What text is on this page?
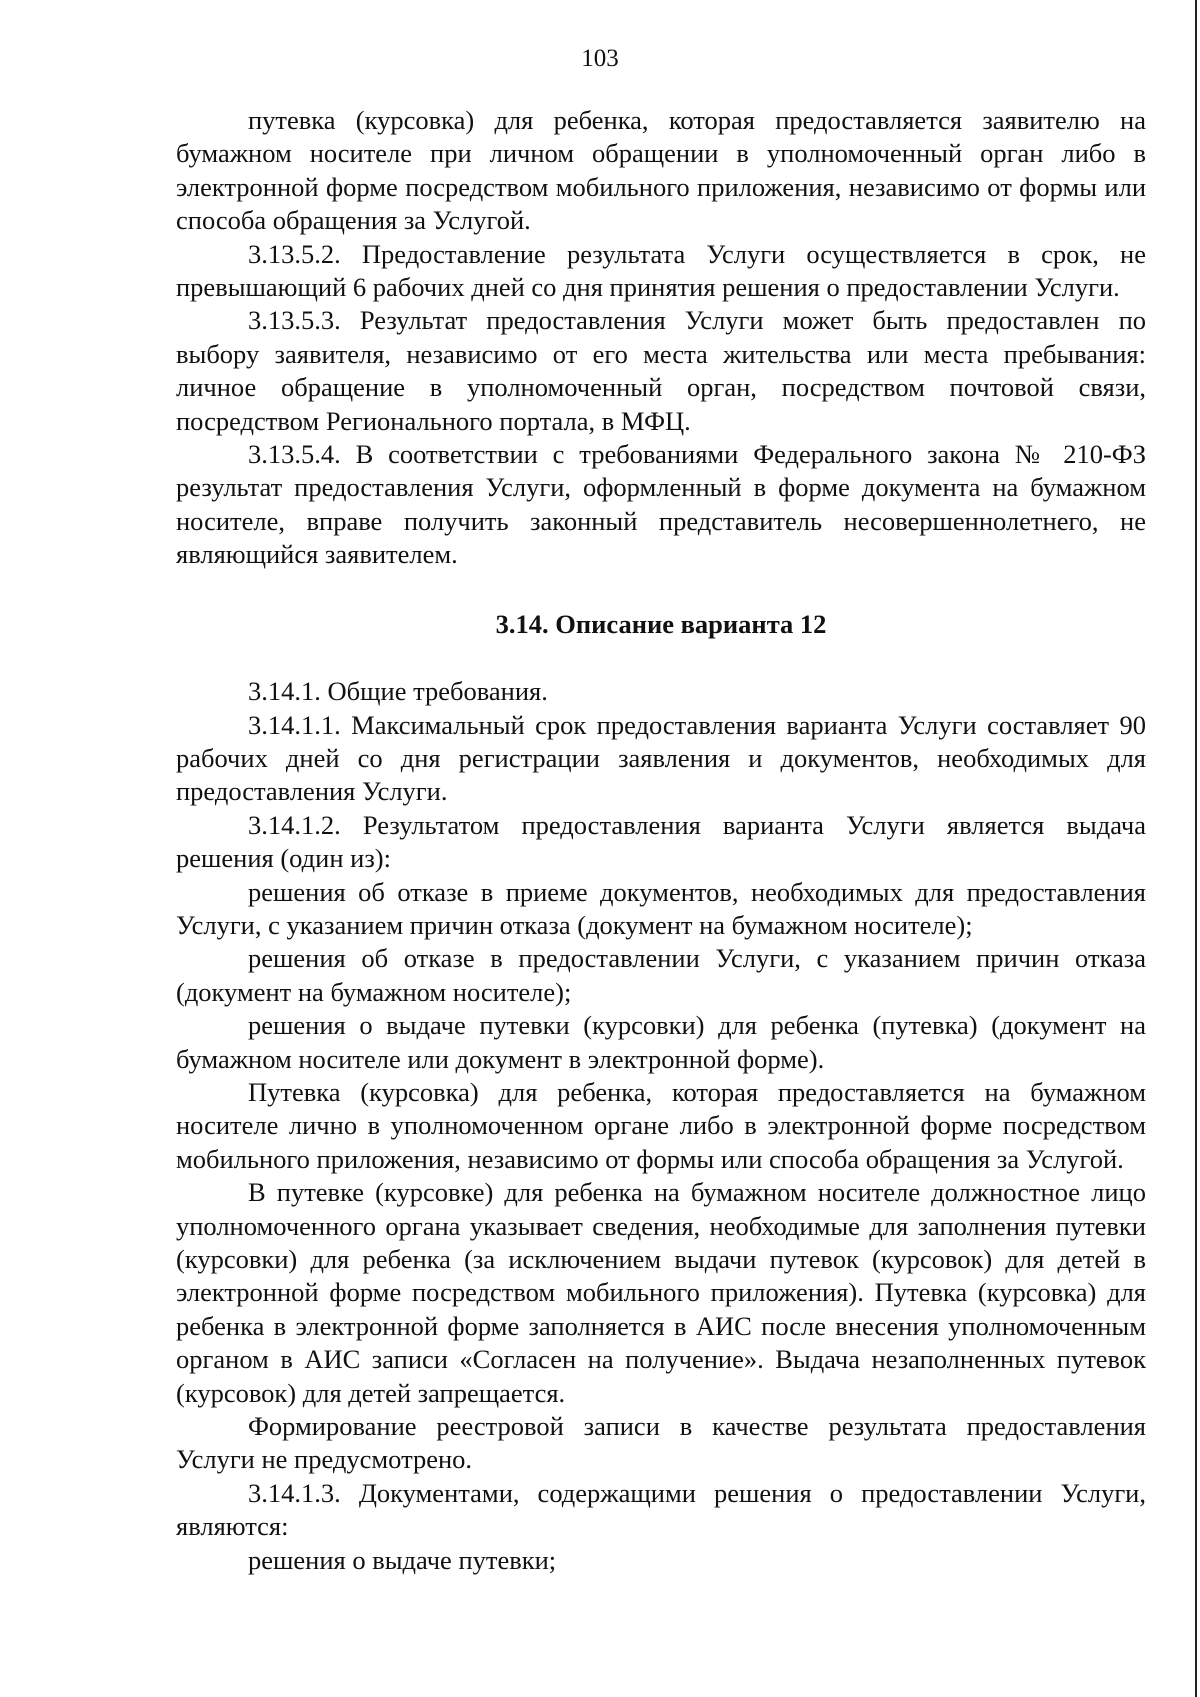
103

путевка (курсовка) для ребенка, которая предоставляется заявителю на бумажном носителе при личном обращении в уполномоченный орган либо в электронной форме посредством мобильного приложения, независимо от формы или способа обращения за Услугой.

3.13.5.2. Предоставление результата Услуги осуществляется в срок, не превышающий 6 рабочих дней со дня принятия решения о предоставлении Услуги.

3.13.5.3. Результат предоставления Услуги может быть предоставлен по выбору заявителя, независимо от его места жительства или места пребывания: личное обращение в уполномоченный орган, посредством почтовой связи, посредством Регионального портала, в МФЦ.

3.13.5.4. В соответствии с требованиями Федерального закона № 210-ФЗ результат предоставления Услуги, оформленный в форме документа на бумажном носителе, вправе получить законный представитель несовершеннолетнего, не являющийся заявителем.

3.14. Описание варианта 12

3.14.1. Общие требования.

3.14.1.1. Максимальный срок предоставления варианта Услуги составляет 90 рабочих дней со дня регистрации заявления и документов, необходимых для предоставления Услуги.

3.14.1.2. Результатом предоставления варианта Услуги является выдача решения (один из):

решения об отказе в приеме документов, необходимых для предоставления Услуги, с указанием причин отказа (документ на бумажном носителе);

решения об отказе в предоставлении Услуги, с указанием причин отказа (документ на бумажном носителе);

решения о выдаче путевки (курсовки) для ребенка (путевка) (документ на бумажном носителе или документ в электронной форме).

Путевка (курсовка) для ребенка, которая предоставляется на бумажном носителе лично в уполномоченном органе либо в электронной форме посредством мобильного приложения, независимо от формы или способа обращения за Услугой.

В путевке (курсовке) для ребенка на бумажном носителе должностное лицо уполномоченного органа указывает сведения, необходимые для заполнения путевки (курсовки) для ребенка (за исключением выдачи путевок (курсовок) для детей в электронной форме посредством мобильного приложения). Путевка (курсовка) для ребенка в электронной форме заполняется в АИС после внесения уполномоченным органом в АИС записи «Согласен на получение». Выдача незаполненных путевок (курсовок) для детей запрещается.

Формирование реестровой записи в качестве результата предоставления Услуги не предусмотрено.

3.14.1.3. Документами, содержащими решения о предоставлении Услуги, являются:

решения о выдаче путевки;
